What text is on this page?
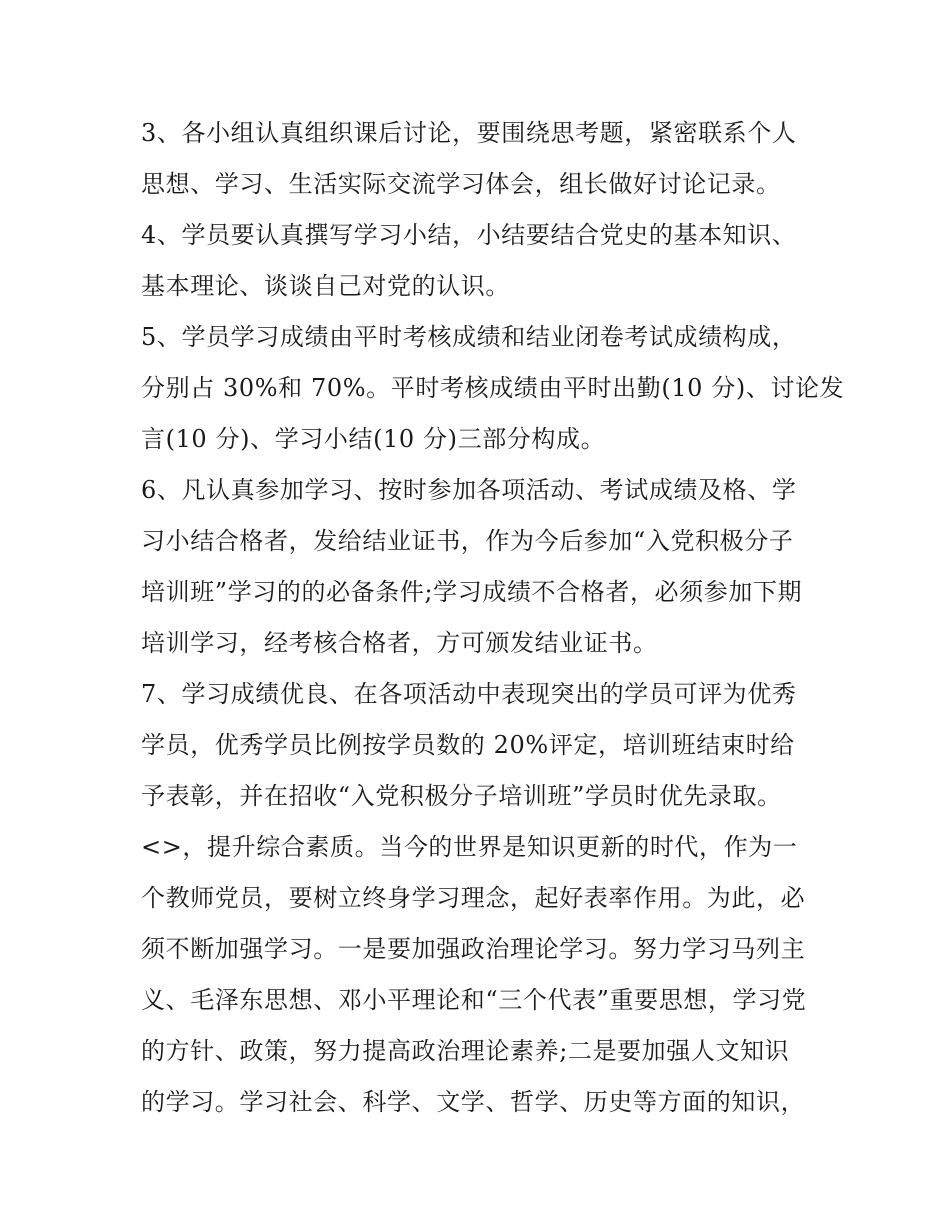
3、各小组认真组织课后讨论，要围绕思考题，紧密联系个人
思想、学习、生活实际交流学习体会，组长做好讨论记录。
4、学员要认真撰写学习小结，小结要结合党史的基本知识、
基本理论、谈谈自己对党的认识。
5、学员学习成绩由平时考核成绩和结业闭卷考试成绩构成，
分别占 30%和 70%。平时考核成绩由平时出勤(10 分)、讨论发
言(10 分)、学习小结(10 分)三部分构成。
6、凡认真参加学习、按时参加各项活动、考试成绩及格、学
习小结合格者，发给结业证书，作为今后参加“入党积极分子
培训班”学习的的必备条件;学习成绩不合格者，必须参加下期
培训学习，经考核合格者，方可颁发结业证书。
7、学习成绩优良、在各项活动中表现突出的学员可评为优秀
学员，优秀学员比例按学员数的 20%评定，培训班结束时给
予表彰，并在招收“入党积极分子培训班”学员时优先录取。
<>，提升综合素质。当今的世界是知识更新的时代，作为一
个教师党员，要树立终身学习理念，起好表率作用。为此，必
须不断加强学习。一是要加强政治理论学习。努力学习马列主
义、毛泽东思想、邓小平理论和“三个代表”重要思想，学习党
的方针、政策，努力提高政治理论素养;二是要加强人文知识
的学习。学习社会、科学、文学、哲学、历史等方面的知识，
